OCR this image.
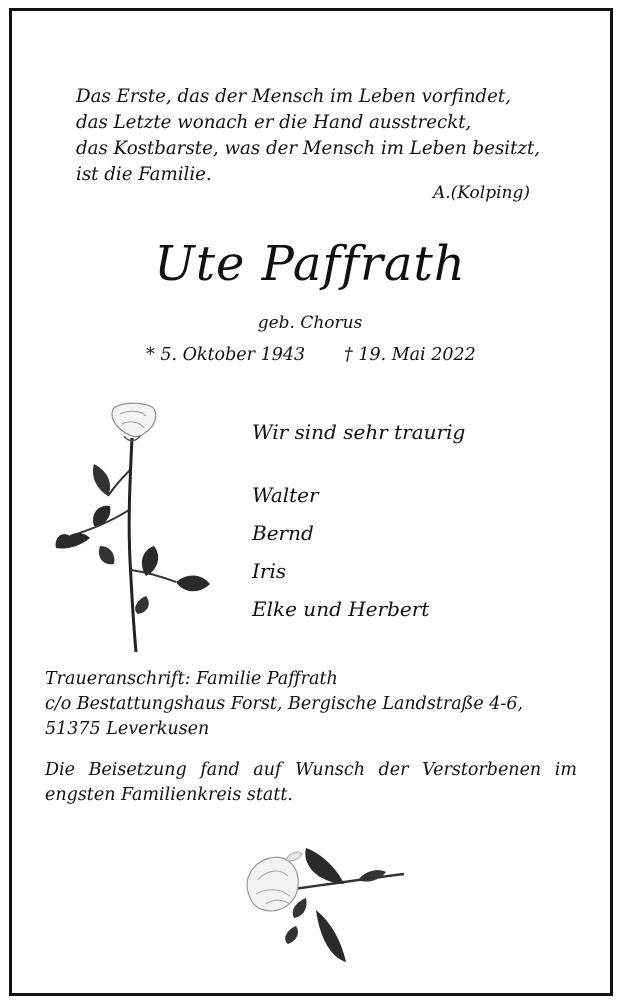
Das Erste, das der Mensch im Leben vorfindet,
das Letzte wonach er die Hand ausstreckt,
das Kostbarste, was der Mensch im Leben besitzt,
ist die Familie.
A.(Kolping)
Ute Paffrath
geb. Chorus
* 5. Oktober 1943 † 19. Mai 2022
Wir sind sehr traurig
Walter
Bernd
Iris
Elke und Herbert
Traueranschrift: Familie Paffrath
c/o Bestattungshaus Forst, Bergische Landstraße 4-6,
51375 Leverkusen
Die Beisetzung fand auf Wunsch der Verstorbenen im engsten Familienkreis statt.
